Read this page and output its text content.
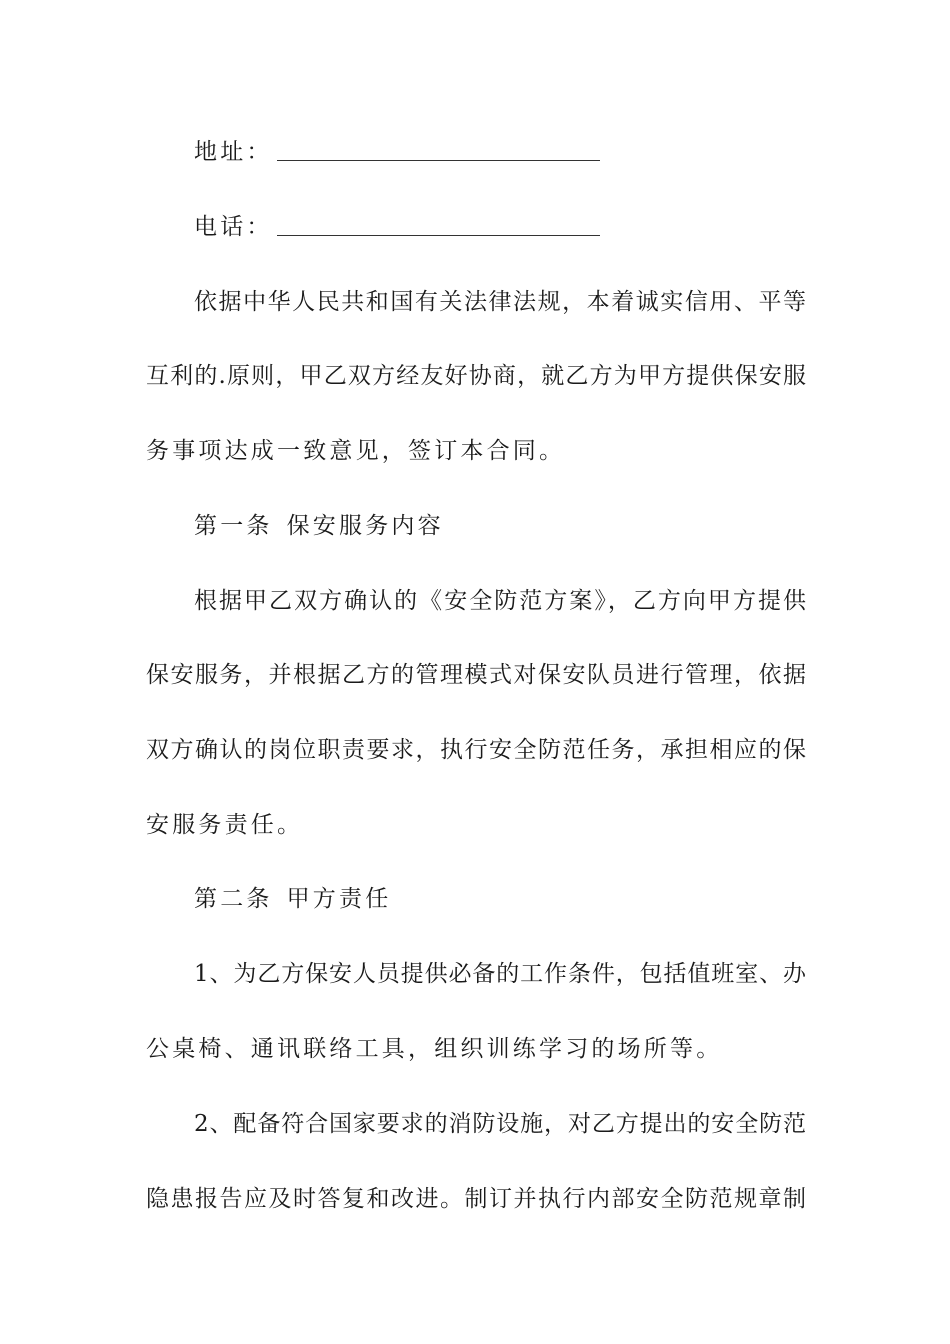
地址：
电话：
依据中华人民共和国有关法律法规，本着诚实信用、平等
互利的.原则，甲乙双方经友好协商，就乙方为甲方提供保安服
务事项达成一致意见，签订本合同。
第一条 保安服务内容
根据甲乙双方确认的《安全防范方案》，乙方向甲方提供
保安服务，并根据乙方的管理模式对保安队员进行管理，依据
双方确认的岗位职责要求，执行安全防范任务，承担相应的保
安服务责任。
第二条 甲方责任
1、为乙方保安人员提供必备的工作条件，包括值班室、办
公桌椅、通讯联络工具，组织训练学习的场所等。
2、配备符合国家要求的消防设施，对乙方提出的安全防范
隐患报告应及时答复和改进。制订并执行内部安全防范规章制
